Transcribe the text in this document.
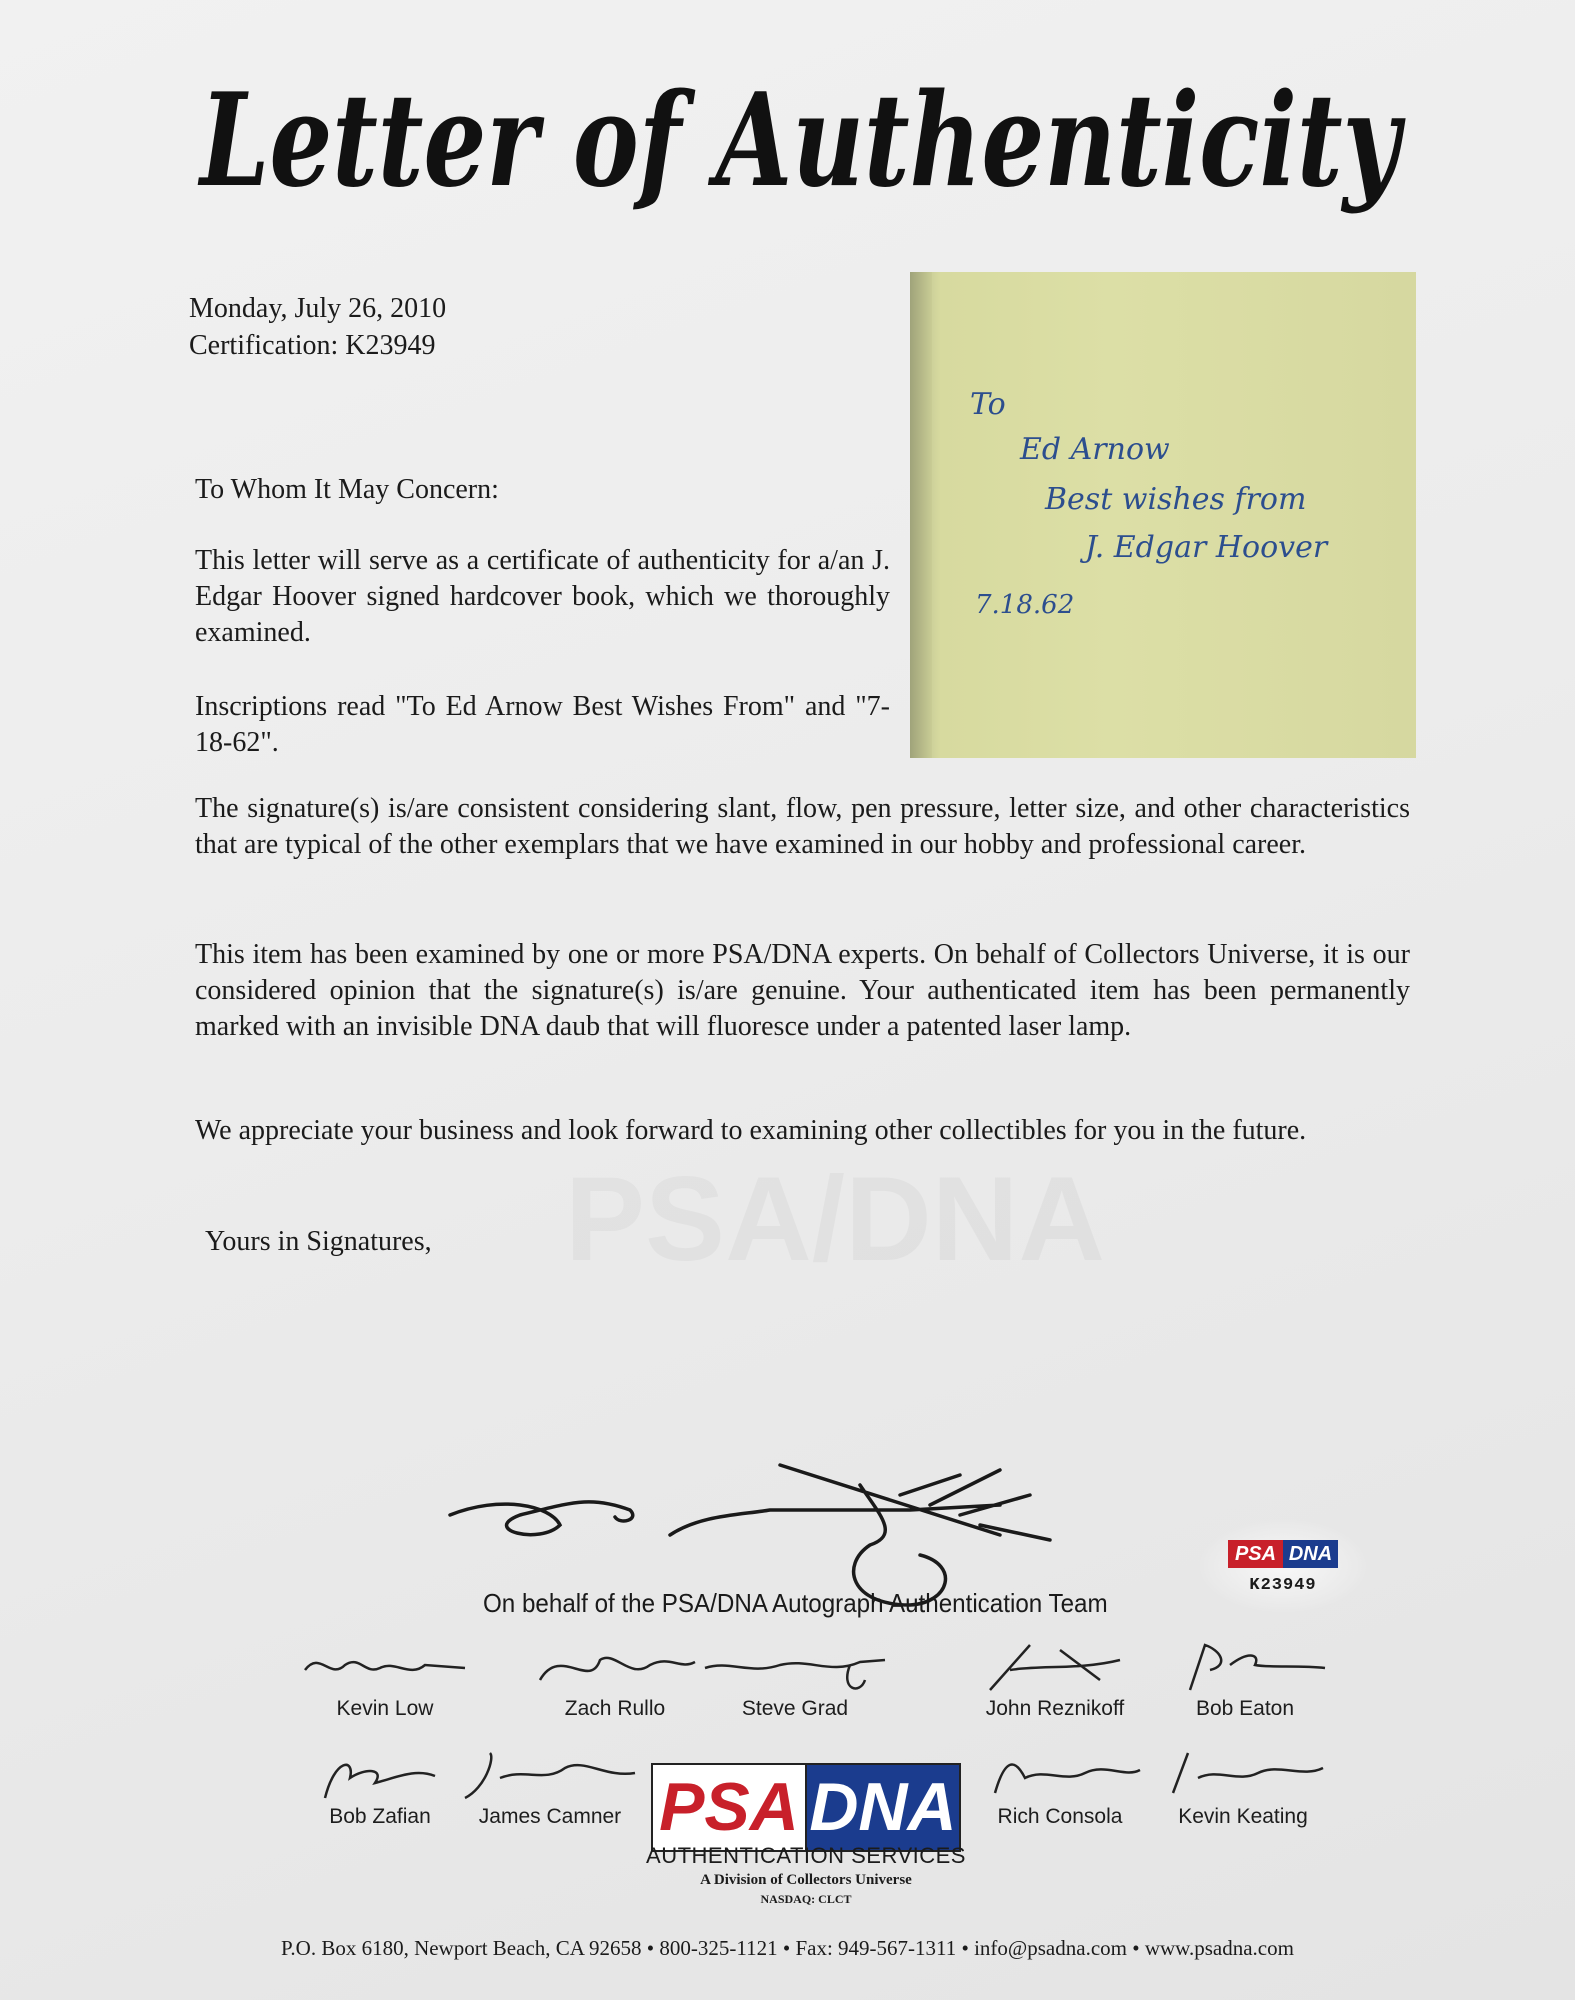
Letter of Authenticity
Monday, July 26, 2010
Certification: K23949
To
Ed Arnow
Best wishes from
J. Edgar Hoover
7.18.62
To Whom It May Concern:
This letter will serve as a certificate of authenticity for a/an J. Edgar Hoover signed hardcover book, which we thoroughly examined.
Inscriptions read "To Ed Arnow Best Wishes From" and "7-18-62".
The signature(s) is/are consistent considering slant, flow, pen pressure, letter size, and other characteristics that are typical of the other exemplars that we have examined in our hobby and professional career.
This item has been examined by one or more PSA/DNA experts. On behalf of Collectors Universe, it is our considered opinion that the signature(s) is/are genuine. Your authenticated item has been permanently marked with an invisible DNA daub that will fluoresce under a patented laser lamp.
We appreciate your business and look forward to examining other collectibles for you in the future.
Yours in Signatures,
On behalf of the PSA/DNA Autograph Authentication Team
PSA DNA
K23949
Kevin Low	Zach Rullo	Steve Grad	John Reznikoff	Bob Eaton
Bob Zafian	James Camner	Rich Consola	Kevin Keating
PSA DNA
AUTHENTICATION SERVICES
A Division of Collectors Universe
NASDAQ: CLCT
P.O. Box 6180, Newport Beach, CA 92658 • 800-325-1121 • Fax: 949-567-1311 • info@psadna.com • www.psadna.com
